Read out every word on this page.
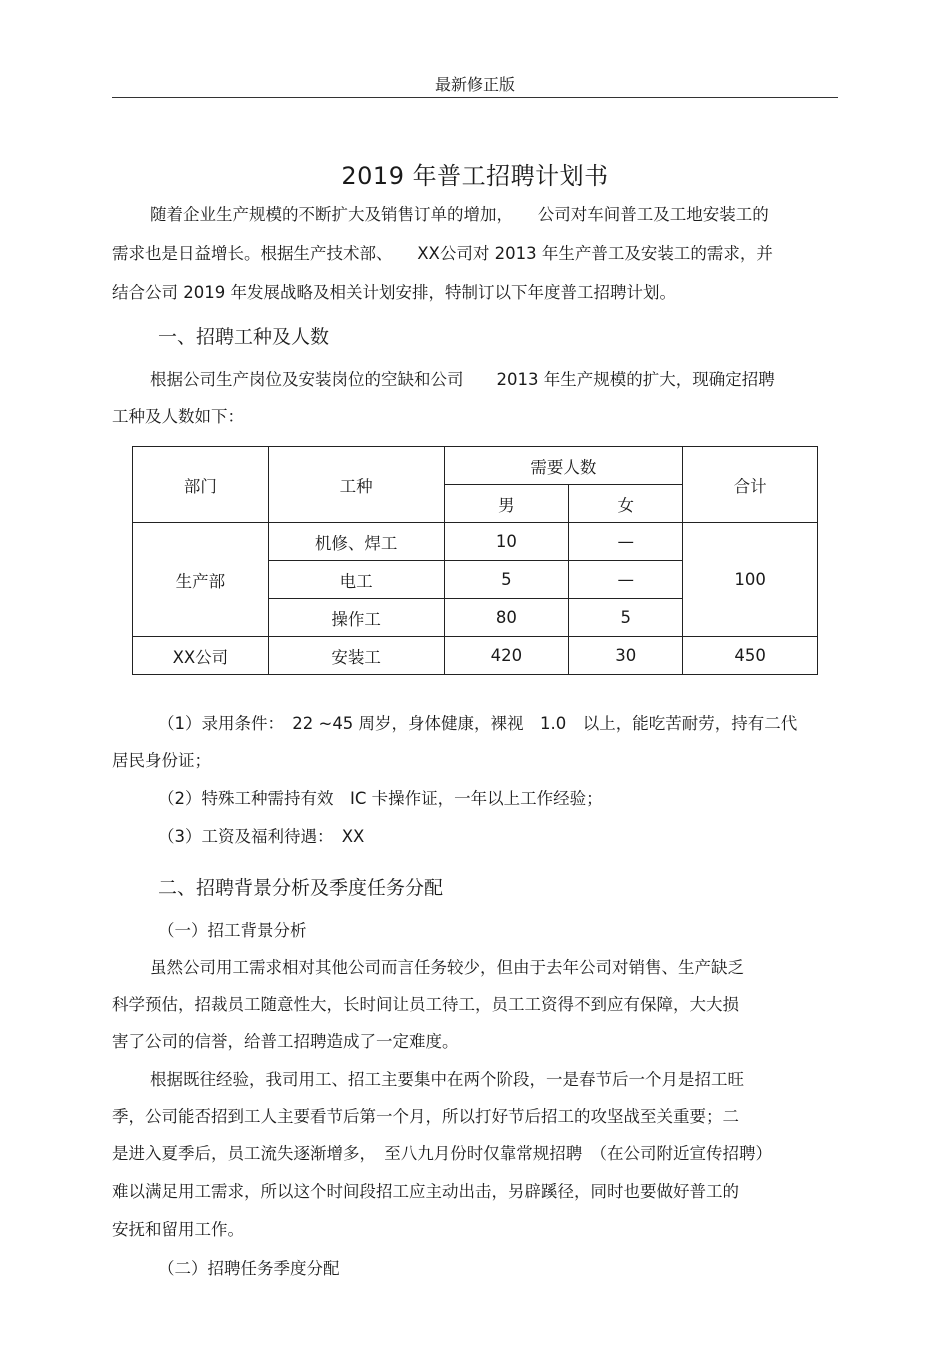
最新修正版
2019 年普工招聘计划书
随着企业生产规模的不断扩大及销售订单的增加，　　公司对车间普工及工地安装工的
需求也是日益增长。根据生产技术部、　　XX公司对 2013 年生产普工及安装工的需求，并
结合公司 2019 年发展战略及相关计划安排，特制订以下年度普工招聘计划。
一、招聘工种及人数
根据公司生产岗位及安装岗位的空缺和公司　　2013 年生产规模的扩大，现确定招聘
工种及人数如下：
部门	工种	需要人数		合计
		男	女	
生产部	机修、焊工	10	—	100
	电工	5	—	
	操作工	80	5	
XX公司	安装工	420	30	450
（1）录用条件：　22 ~45 周岁，身体健康，裸视　1.0　以上，能吃苦耐劳，持有二代
居民身份证；
（2）特殊工种需持有效　IC 卡操作证，一年以上工作经验；
（3）工资及福利待遇：　XX
二、招聘背景分析及季度任务分配
（一）招工背景分析
虽然公司用工需求相对其他公司而言任务较少，但由于去年公司对销售、生产缺乏
科学预估，招裁员工随意性大，长时间让员工待工，员工工资得不到应有保障，大大损
害了公司的信誉，给普工招聘造成了一定难度。
根据既往经验，我司用工、招工主要集中在两个阶段，一是春节后一个月是招工旺
季，公司能否招到工人主要看节后第一个月，所以打好节后招工的攻坚战至关重要；二
是进入夏季后，员工流失逐渐增多，　至八九月份时仅靠常规招聘　（在公司附近宣传招聘）
难以满足用工需求，所以这个时间段招工应主动出击，另辟蹊径，同时也要做好普工的
安抚和留用工作。
（二）招聘任务季度分配
